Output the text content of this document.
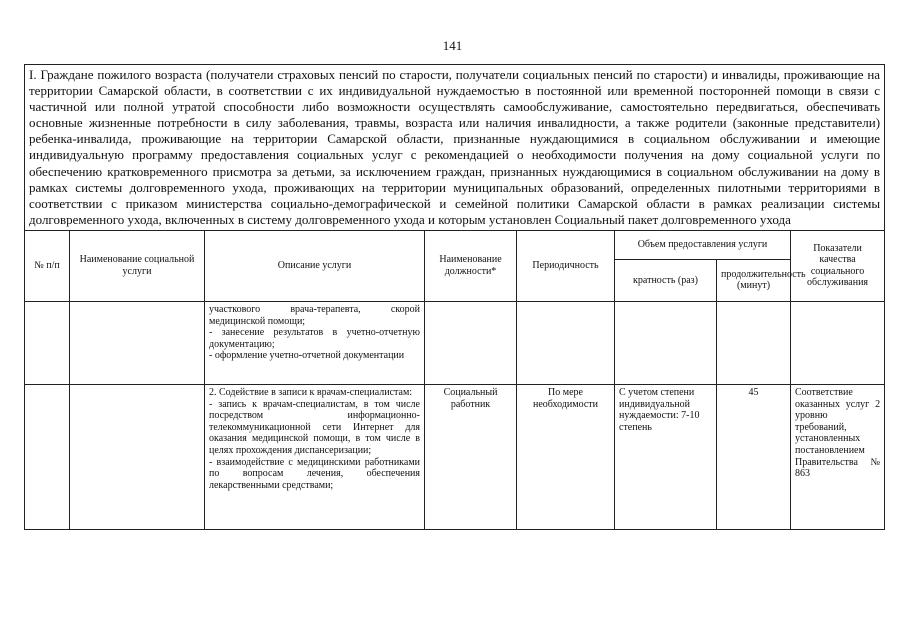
141
I. Граждане пожилого возраста (получатели страховых пенсий по старости, получатели социальных пенсий по старости) и инвалиды, проживающие на территории Самарской области, в соответствии с их индивидуальной нуждаемостью в постоянной или временной посторонней помощи в связи с частичной или полной утратой способности либо возможности осуществлять самообслуживание, самостоятельно передвигаться, обеспечивать основные жизненные потребности в силу заболевания, травмы, возраста или наличия инвалидности, а также родители (законные представители) ребенка-инвалида, проживающие на территории Самарской области, признанные нуждающимися в социальном обслуживании и имеющие индивидуальную программу предоставления социальных услуг с рекомендацией о необходимости получения на дому социальной услуги по обеспечению кратковременного присмотра за детьми, за исключением граждан, признанных нуждающимися в социальном обслуживании на дому в рамках системы долговременного ухода, проживающих на территории муниципальных образований, определенных пилотными территориями в соответствии с приказом министерства социально-демографической и семейной политики Самарской области в рамках реализации системы долговременного ухода, включенных в систему долговременного ухода и которым установлен Социальный пакет долговременного ухода							
№ п/п	Наименование социальной услуги	Описание услуги	Наименование должности*	Периодичность	Объем предоставления услуги		Показатели качества социального обслуживания
					кратность (раз)	продолжительность (минут)	
		участкового врача-терапевта, скорой медицинской помощи;
- занесение результатов в учетно-отчетную документацию;
- оформление учетно-отчетной документации					
		2. Содействие в записи к врачам-специалистам:
- запись к врачам-специалистам, в том числе посредством информационно-телекоммуникационной сети Интернет для оказания медицинской помощи, в том числе в целях прохождения диспансеризации;
- взаимодействие с медицинскими работниками по вопросам лечения, обеспечения лекарственными средствами;	Социальный работник	По мере необходимости	С учетом степени индивидуальной нуждаемости: 7-10 степень	45	Соответствие оказанных услуг 2 уровню требований, установленных постановлением Правительства № 863
